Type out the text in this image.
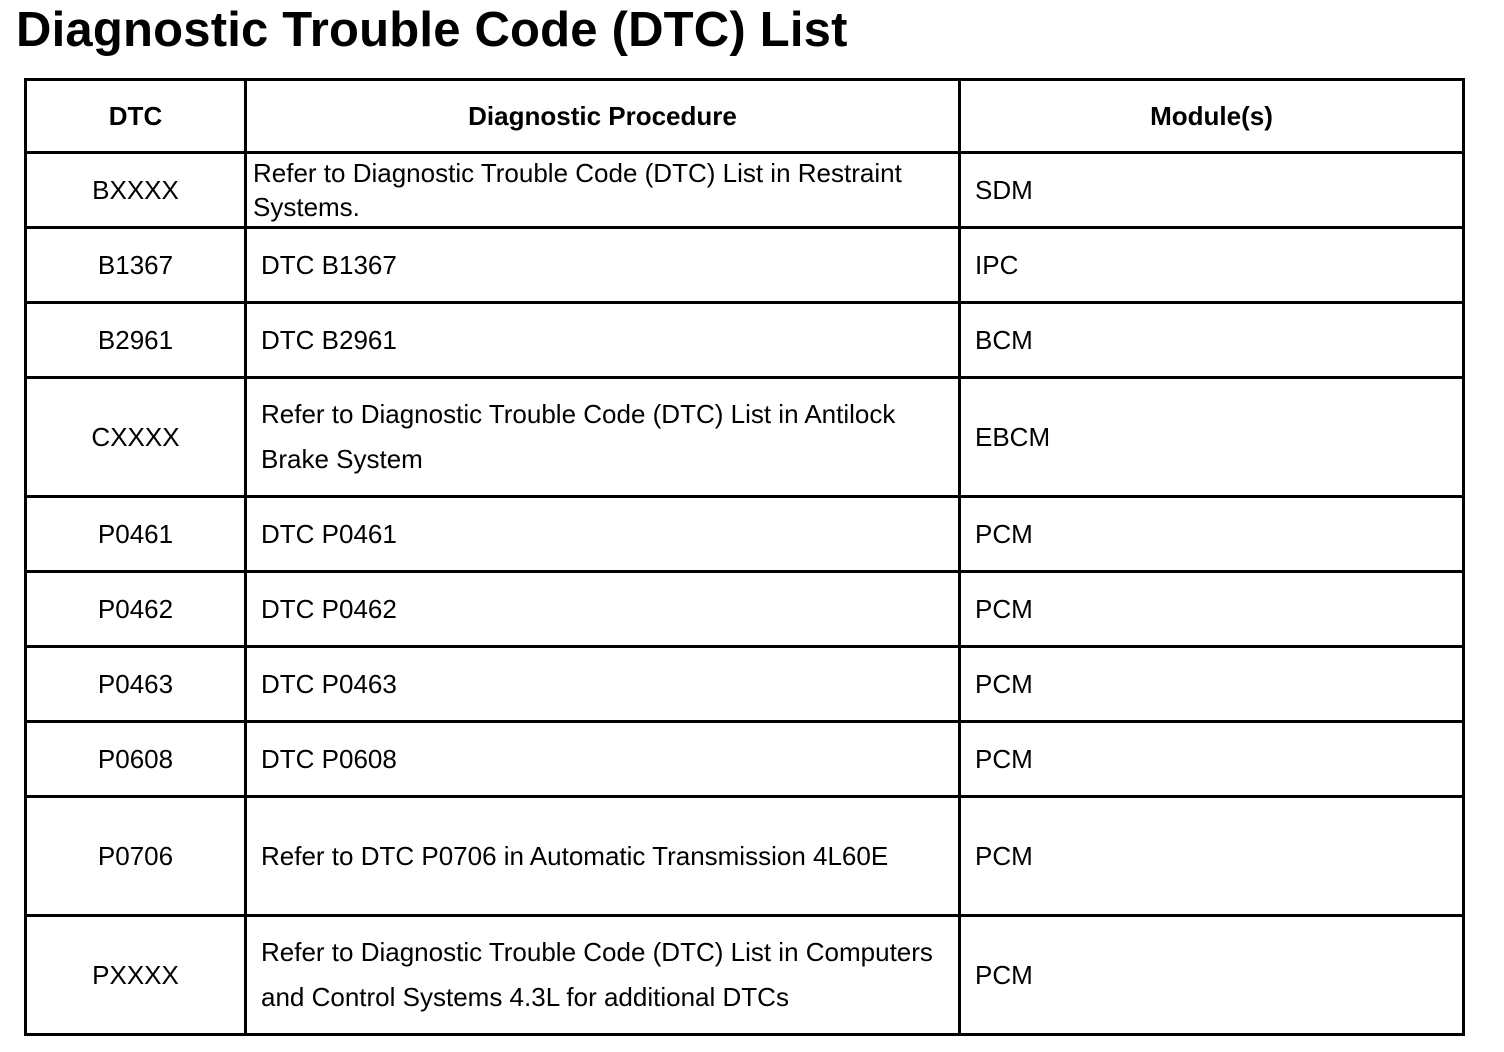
Diagnostic Trouble Code (DTC) List
DTC	Diagnostic Procedure	Module(s)
BXXXX	Refer to Diagnostic Trouble Code (DTC) List in Restraint Systems.	SDM
B1367	DTC B1367	IPC
B2961	DTC B2961	BCM
CXXXX	Refer to Diagnostic Trouble Code (DTC) List in Antilock Brake System	EBCM
P0461	DTC P0461	PCM
P0462	DTC P0462	PCM
P0463	DTC P0463	PCM
P0608	DTC P0608	PCM
P0706	Refer to DTC P0706 in Automatic Transmission 4L60E	PCM
PXXXX	Refer to Diagnostic Trouble Code (DTC) List in Computers and Control Systems 4.3L for additional DTCs	PCM
